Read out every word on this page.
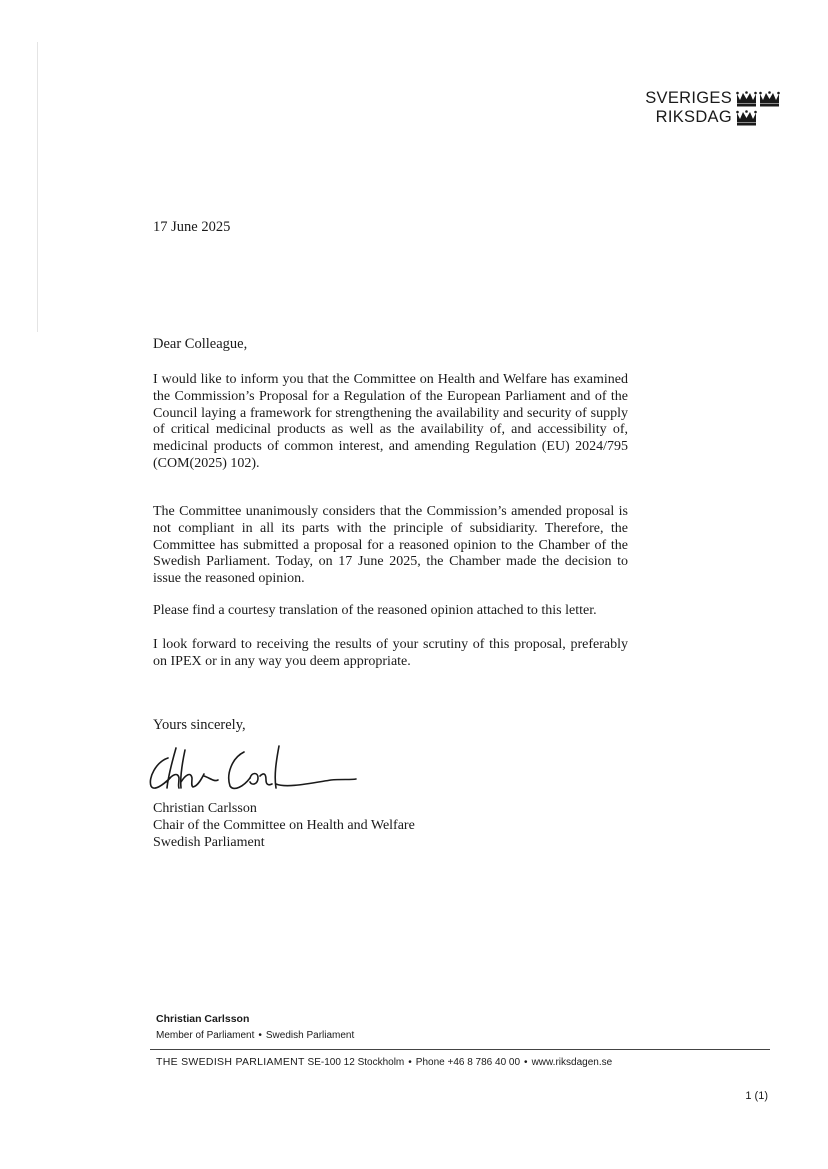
SVERIGES
RIKSDAG
17 June 2025
Dear Colleague,

I would like to inform you that the Committee on Health and Welfare has examined the Commission’s Proposal for a Regulation of the European Parliament and of the Council laying a framework for strengthening the availability and security of supply of critical medicinal products as well as the availability of, and accessibility of, medicinal products of common interest, and amending Regulation (EU) 2024/795 (COM(2025) 102).

The Committee unanimously considers that the Commission’s amended proposal is not compliant in all its parts with the principle of subsidiarity. Therefore, the Committee has submitted a proposal for a reasoned opinion to the Chamber of the Swedish Parliament. Today, on 17 June 2025, the Chamber made the decision to issue the reasoned opinion.

Please find a courtesy translation of the reasoned opinion attached to this letter.

I look forward to receiving the results of your scrutiny of this proposal, preferably on IPEX or in any way you deem appropriate.

Yours sincerely,
Christian Carlsson
Chair of the Committee on Health and Welfare
Swedish Parliament
Christian Carlsson
Member of Parliament • Swedish Parliament
THE SWEDISH PARLIAMENT SE-100 12 Stockholm • Phone +46 8 786 40 00 • www.riksdagen.se
1 (1)
